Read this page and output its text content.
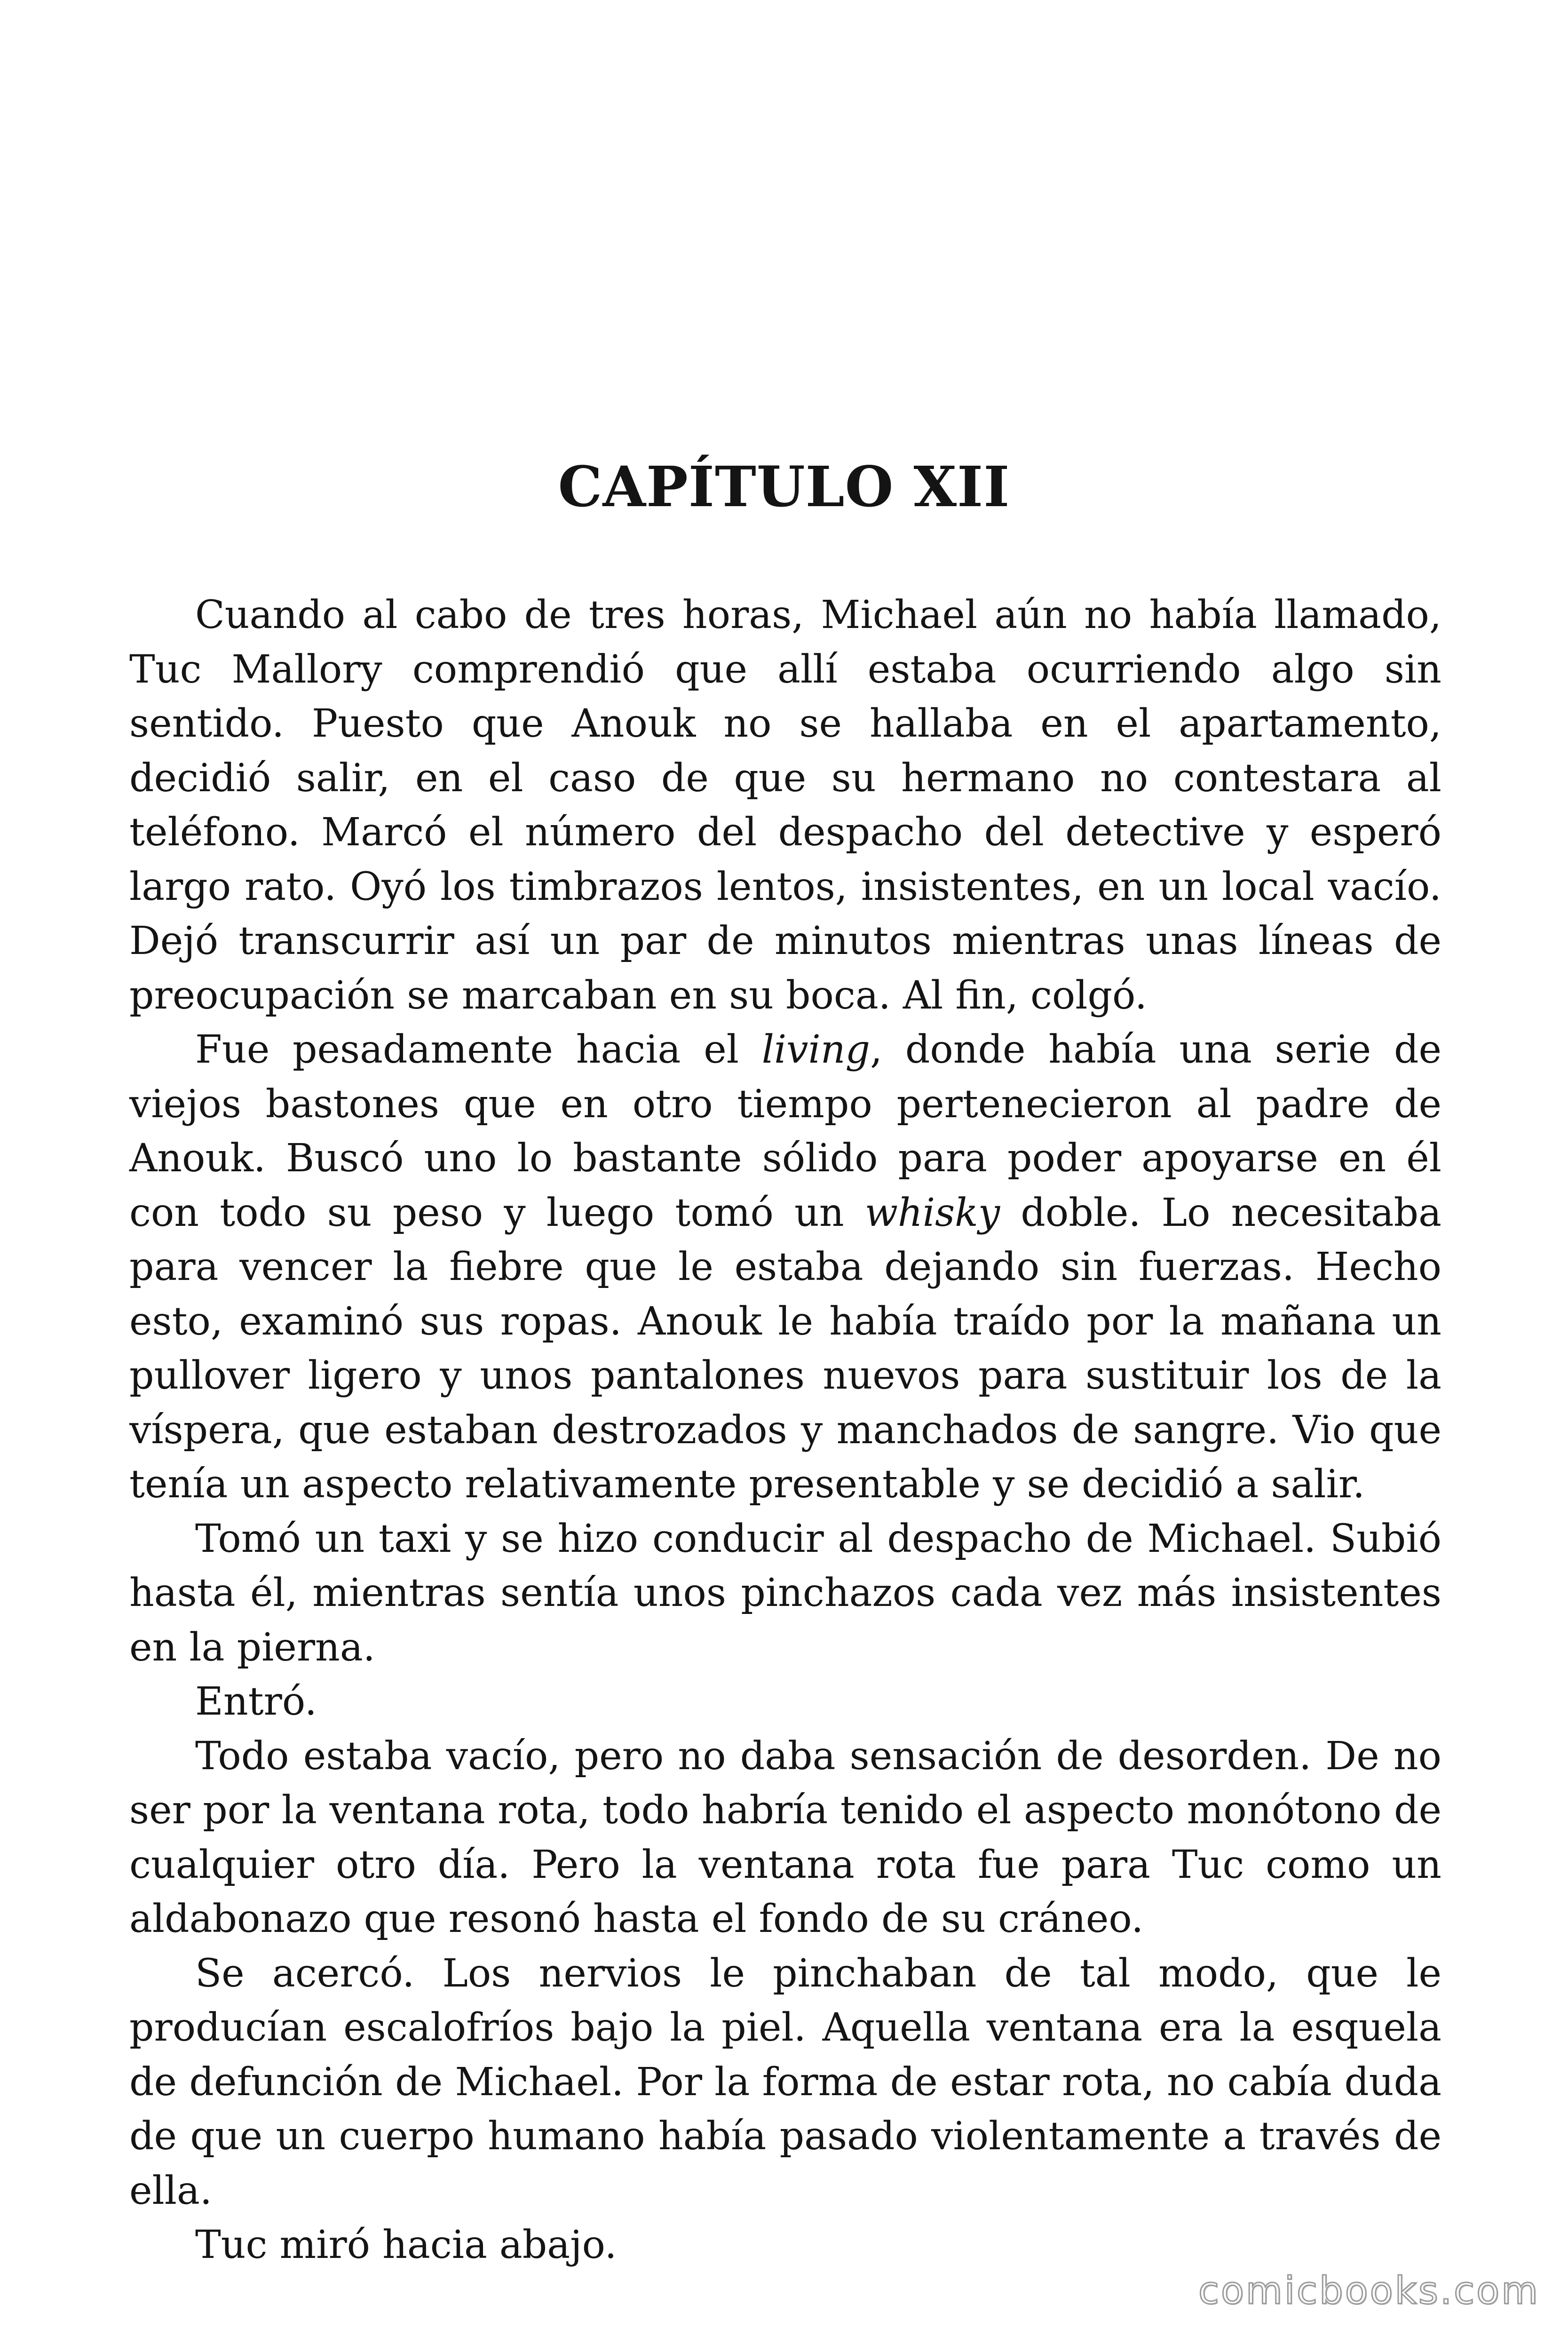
CAPÍTULO XII

Cuando al cabo de tres horas, Michael aún no había llamado, Tuc Mallory comprendió que allí estaba ocurriendo algo sin sentido. Puesto que Anouk no se hallaba en el apartamento, decidió salir, en el caso de que su hermano no contestara al teléfono. Marcó el número del despacho del detective y esperó largo rato. Oyó los timbrazos lentos, insistentes, en un local vacío. Dejó transcurrir así un par de minutos mientras unas líneas de preocupación se marcaban en su boca. Al fin, colgó.

Fue pesadamente hacia el living, donde había una serie de viejos bastones que en otro tiempo pertenecieron al padre de Anouk. Buscó uno lo bastante sólido para poder apoyarse en él con todo su peso y luego tomó un whisky doble. Lo necesitaba para vencer la fiebre que le estaba dejando sin fuerzas. Hecho esto, examinó sus ropas. Anouk le había traído por la mañana un pullover ligero y unos pantalones nuevos para sustituir los de la víspera, que estaban destrozados y manchados de sangre. Vio que tenía un aspecto relativamente presentable y se decidió a salir.

Tomó un taxi y se hizo conducir al despacho de Michael. Subió hasta él, mientras sentía unos pinchazos cada vez más insistentes en la pierna.

Entró.

Todo estaba vacío, pero no daba sensación de desorden. De no ser por la ventana rota, todo habría tenido el aspecto monótono de cualquier otro día. Pero la ventana rota fue para Tuc como un aldabonazo que resonó hasta el fondo de su cráneo.

Se acercó. Los nervios le pinchaban de tal modo, que le producían escalofríos bajo la piel. Aquella ventana era la esquela de defunción de Michael. Por la forma de estar rota, no cabía duda de que un cuerpo humano había pasado violentamente a través de ella.

Tuc miró hacia abajo.

comicbooks.com
